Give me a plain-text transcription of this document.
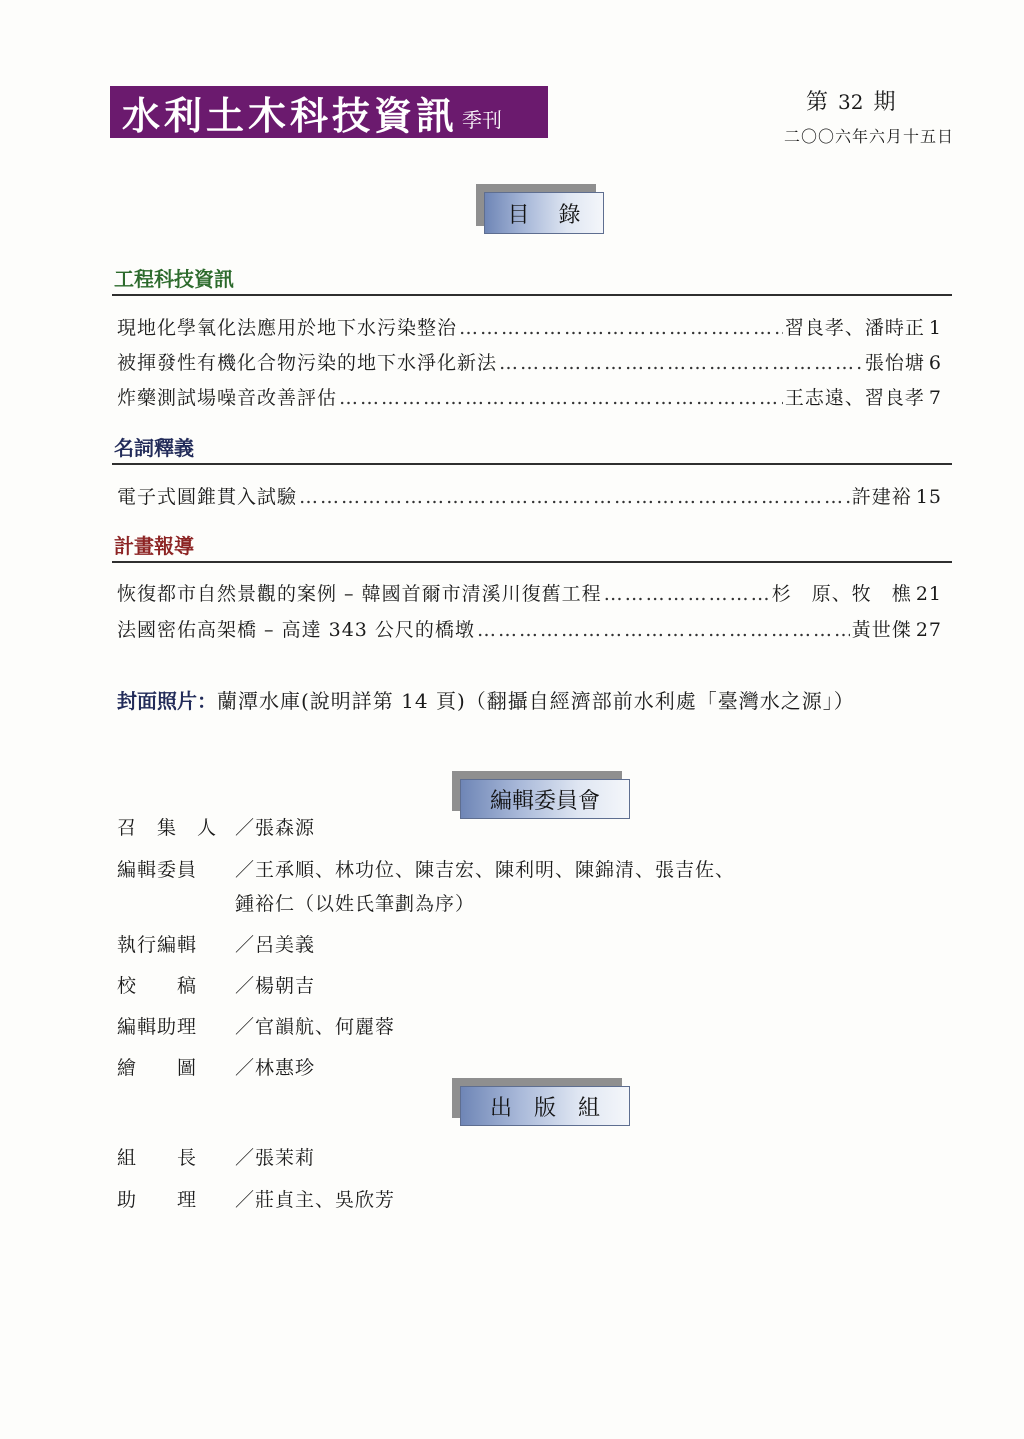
水利土木科技資訊 季刊
第 32 期
二〇〇六年六月十五日
目　 錄
工程科技資訊
現地化學氧化法應用於地下水污染整治 ……………………………………………………………………………………………………	習良孝、潘時正 1
被揮發性有機化合物污染的地下水淨化新法 ……………………………………………………………………………………………………	張怡塘 6
炸藥測試場噪音改善評估 ……………………………………………………………………………………………………	王志遠、習良孝 7
名詞釋義
電子式圓錐貫入試驗 ……………………………………………………………………………………………………	許建裕 15
計畫報導
恢復都市自然景觀的案例 – 韓國首爾市清溪川復舊工程 ……………………………………………………………………………………………………	杉　原、牧　樵 21
法國密佑高架橋 – 高達 343 公尺的橋墩 ……………………………………………………………………………………………………	黃世傑 27
封面照片： 蘭潭水庫(說明詳第 14 頁)（翻攝自經濟部前水利處「臺灣水之源」）
編輯委員會
召　集　人 ／張森源
編輯委員 ／王承順、林功位、陳吉宏、陳利明、陳錦清、張吉佐、
鍾裕仁（以姓氏筆劃為序）
執行編輯 ／呂美義
校　　稿 ／楊朝吉
編輯助理 ／官韻航、何麗蓉
繪　　圖 ／林惠珍
出　版　組
組　　長 ／張茉莉
助　　理 ／莊貞主、吳欣芳
